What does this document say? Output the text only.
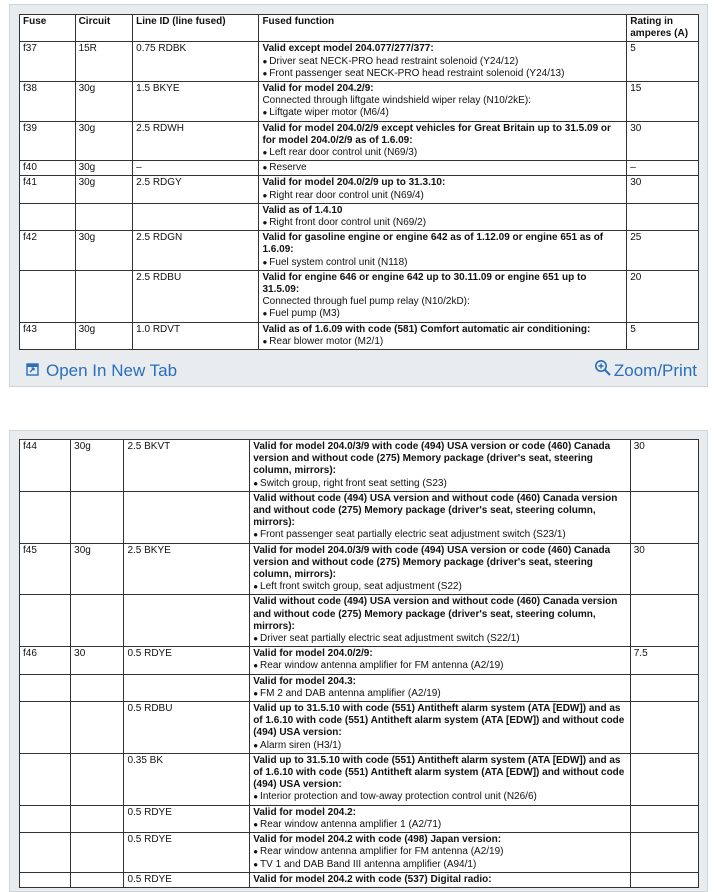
Fuse	Circuit	Line ID (line fused)	Fused function	Rating in amperes (A)
f37	15R	0.75 RDBK	Valid except model 204.077/277/377:
● Driver seat NECK-PRO head restraint solenoid (Y24/12)
● Front passenger seat NECK-PRO head restraint solenoid (Y24/13)	5
f38	30g	1.5 BKYE	Valid for model 204.2/9:
Connected through liftgate windshield wiper relay (N10/2kE):
● Liftgate wiper motor (M6/4)	15
f39	30g	2.5 RDWH	Valid for model 204.0/2/9 except vehicles for Great Britain up to 31.5.09 or for model 204.0/2/9 as of 1.6.09:
● Left rear door control unit (N69/3)	30
f40	30g	–	● Reserve	–
f41	30g	2.5 RDGY	Valid for model 204.0/2/9 up to 31.3.10:
● Right rear door control unit (N69/4)	30

			Valid as of 1.4.10
● Right front door control unit (N69/2)

f42	30g	2.5 RDGN	Valid for gasoline engine or engine 642 as of 1.12.09 or engine 651 as of 1.6.09:
● Fuel system control unit (N118)	25
		2.5 RDBU	Valid for engine 646 or engine 642 up to 30.11.09 or engine 651 up to 31.5.09:
Connected through fuel pump relay (N10/2kD):
● Fuel pump (M3)	20
f43	30g	1.0 RDVT	Valid as of 1.6.09 with code (581) Comfort automatic air conditioning:
● Rear blower motor (M2/1)	5
Open In New Tab	Zoom/Print
f44	30g	2.5 BKVT	Valid for model 204.0/3/9 with code (494) USA version or code (460) Canada version and without code (275) Memory package (driver's seat, steering column, mirrors):
● Switch group, right front seat setting (S23)	30

			Valid without code (494) USA version and without code (460) Canada version and without code (275) Memory package (driver's seat, steering column, mirrors):
● Front passenger seat partially electric seat adjustment switch (S23/1)

f45	30g	2.5 BKYE	Valid for model 204.0/3/9 with code (494) USA version or code (460) Canada version and without code (275) Memory package (driver's seat, steering column, mirrors):
● Left front switch group, seat adjustment (S22)	30

			Valid without code (494) USA version and without code (460) Canada version and without code (275) Memory package (driver's seat, steering column, mirrors):
● Driver seat partially electric seat adjustment switch (S22/1)

f46	30	0.5 RDYE	Valid for model 204.0/2/9:
● Rear window antenna amplifier for FM antenna (A2/19)	7.5

			Valid for model 204.3:
● FM 2 and DAB antenna amplifier (A2/19)

		0.5 RDBU	Valid up to 31.5.10 with code (551) Antitheft alarm system (ATA [EDW]) and as of 1.6.10 with code (551) Antitheft alarm system (ATA [EDW]) and without code (494) USA version:
● Alarm siren (H3/1)

		0.35 BK	Valid up to 31.5.10 with code (551) Antitheft alarm system (ATA [EDW]) and as of 1.6.10 with code (551) Antitheft alarm system (ATA [EDW]) and without code (494) USA version:
● Interior protection and tow-away protection control unit (N26/6)

		0.5 RDYE	Valid for model 204.2:
● Rear window antenna amplifier 1 (A2/71)

		0.5 RDYE	Valid for model 204.2 with code (498) Japan version:
● Rear window antenna amplifier for FM antenna (A2/19)
● TV 1 and DAB Band III antenna amplifier (A94/1)

		0.5 RDYE	Valid for model 204.2 with code (537) Digital radio:	
